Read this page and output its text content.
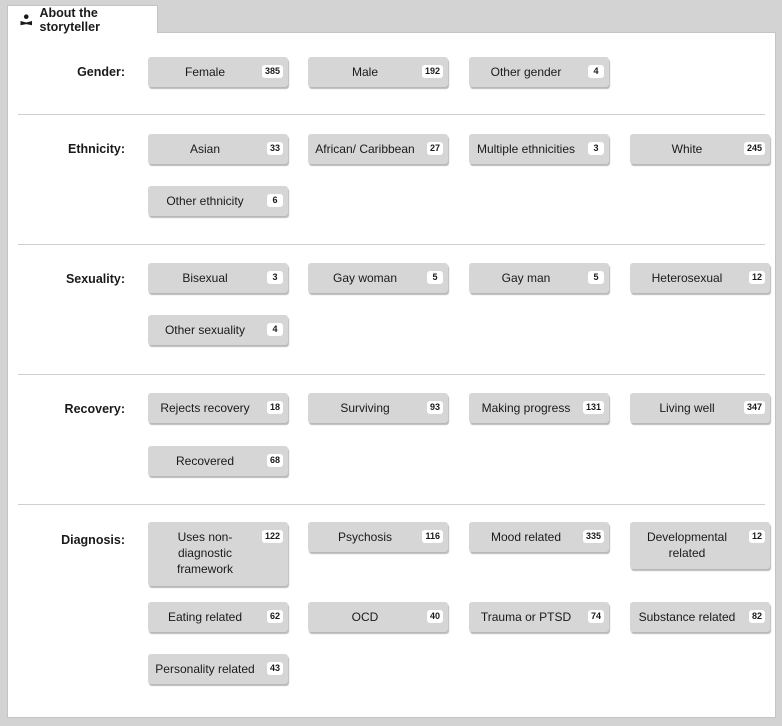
About the storyteller
Gender:	Female	385	Male	192	Other gender	4
Ethnicity:	Asian	33	African/ Caribbean	27	Multiple ethnicities	3	White	245
Other ethnicity	6
Sexuality:	Bisexual	3	Gay woman	5	Gay man	5	Heterosexual	12
Other sexuality	4
Recovery:	Rejects recovery	18	Surviving	93	Making progress	131	Living well	347
Recovered	68
Diagnosis:	Uses non-diagnostic framework
122	Psychosis	116	Mood related	335	Developmental related
12
Eating related	62	OCD	40	Trauma or PTSD	74	Substance related	82
Personality related	43
